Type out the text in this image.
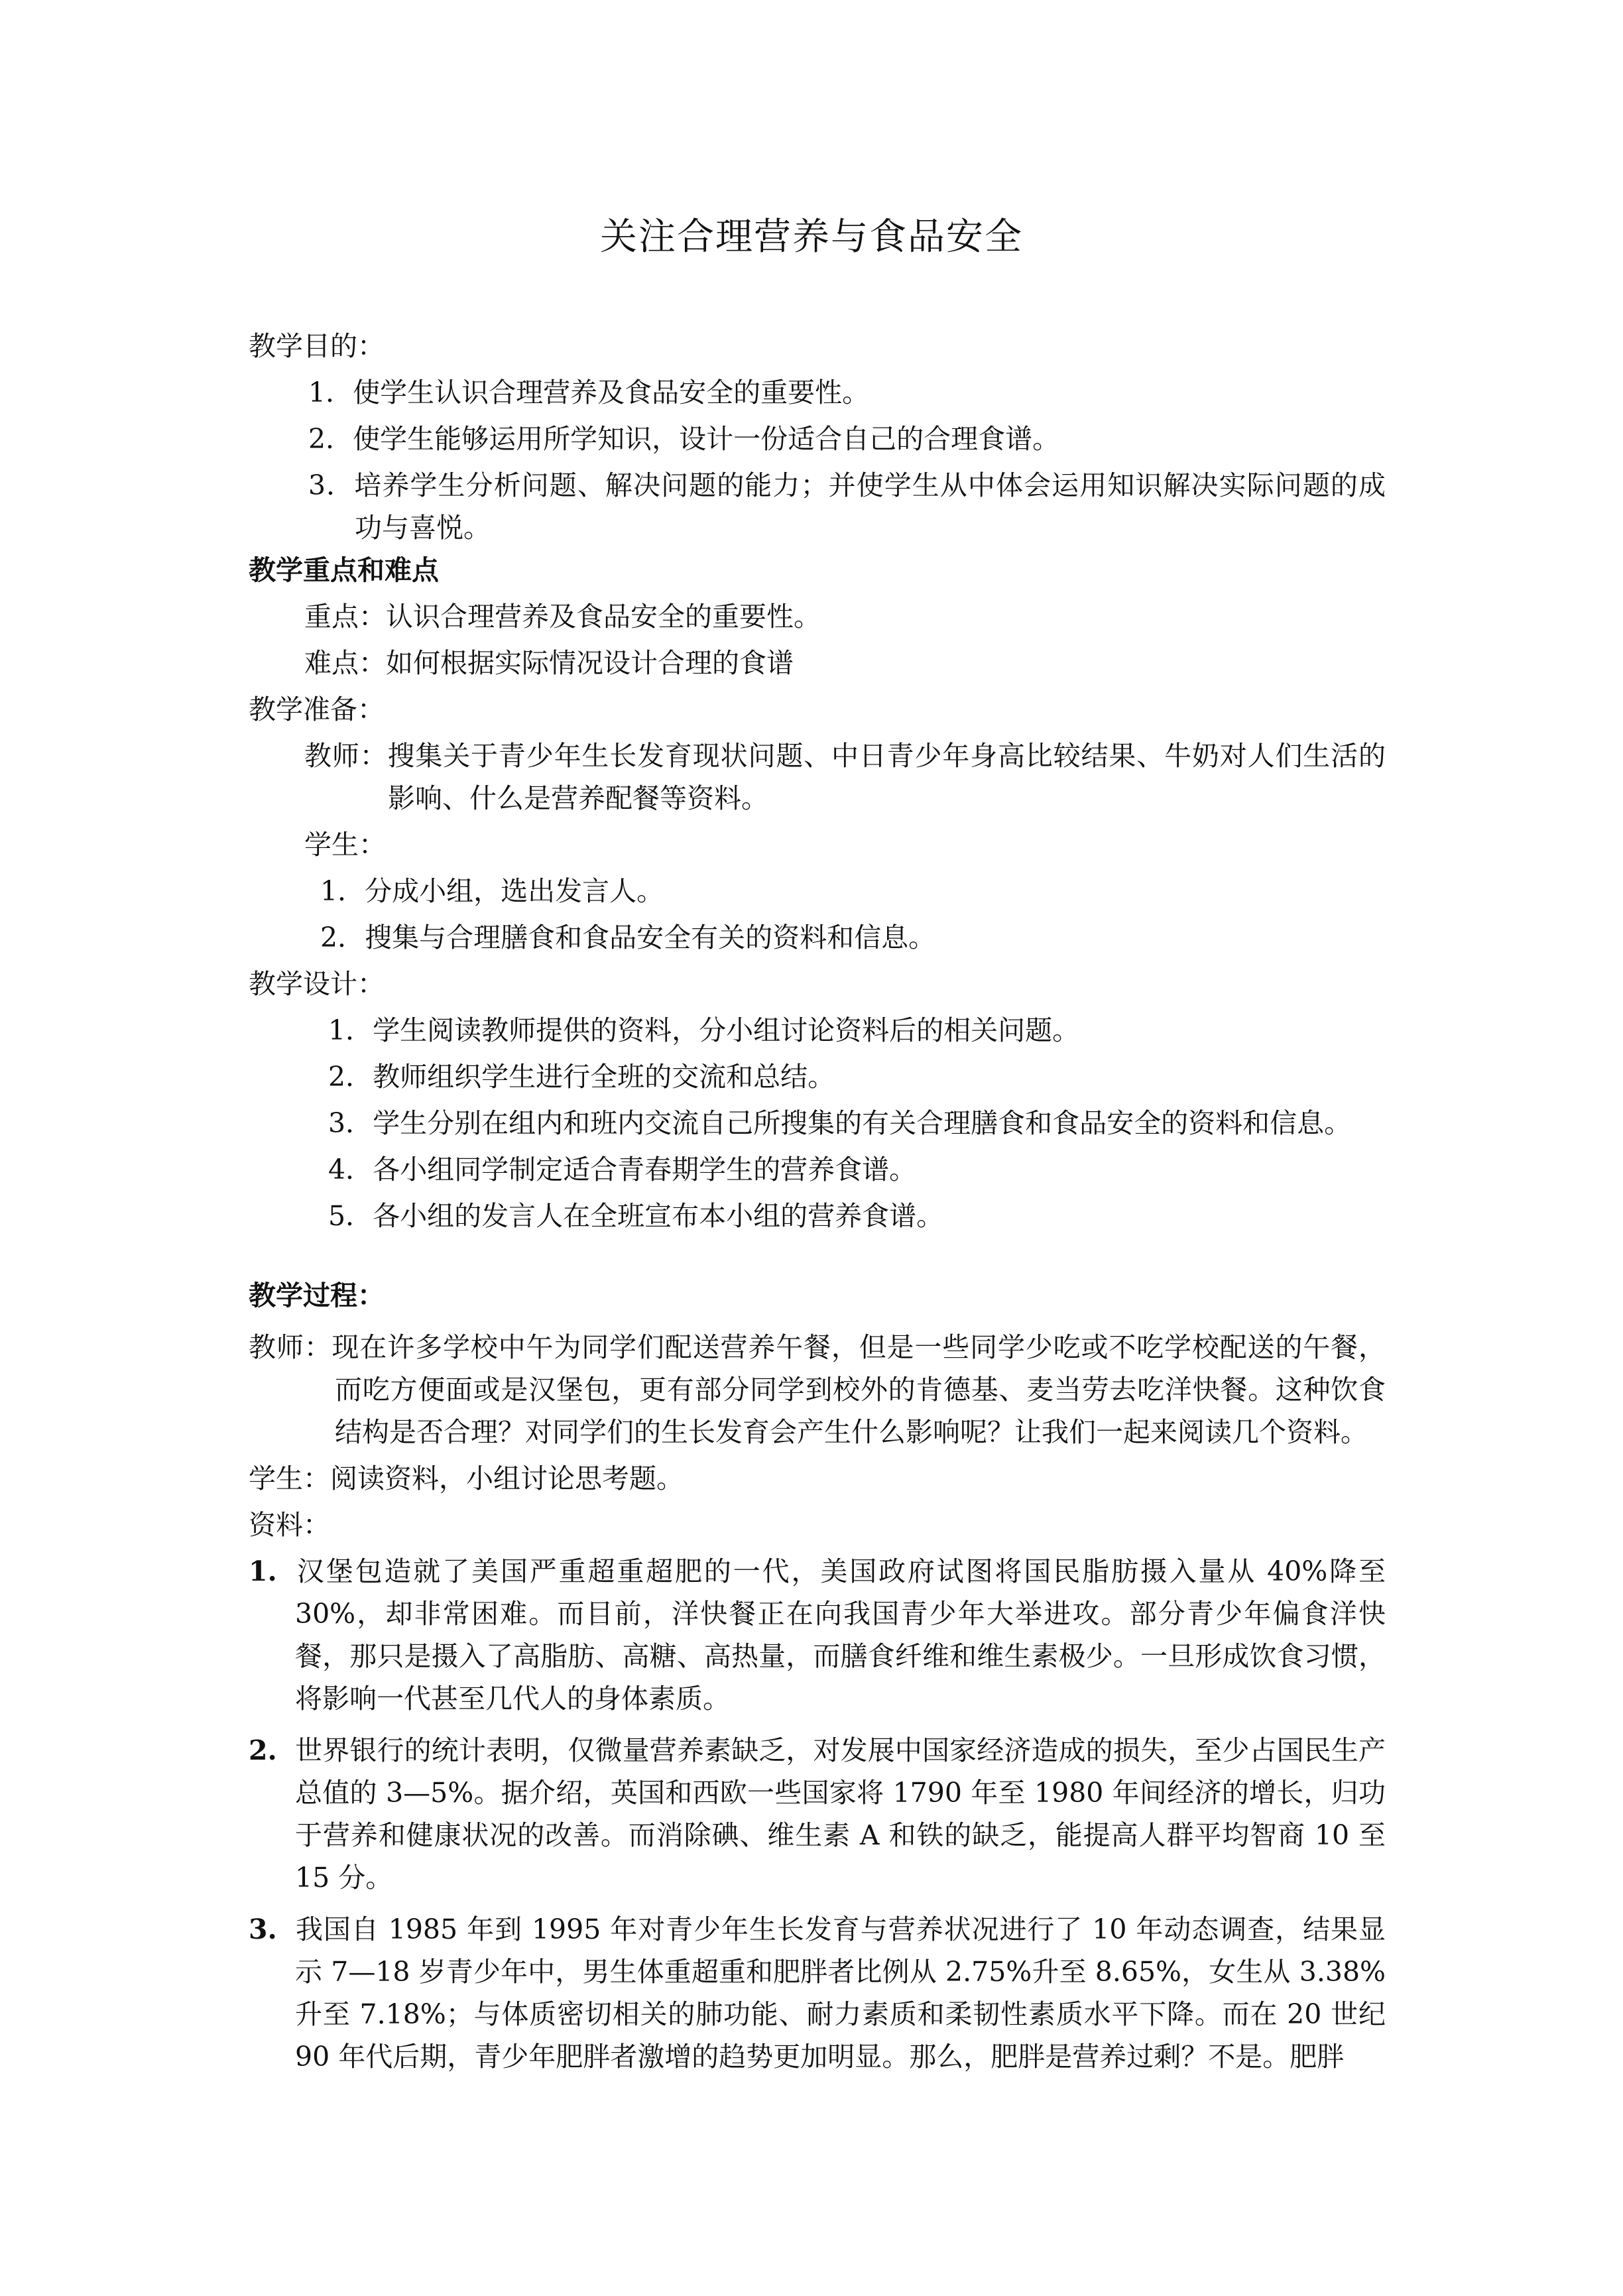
关注合理营养与食品安全

教学目的：

1．使学生认识合理营养及食品安全的重要性。

2．使学生能够运用所学知识，设计一份适合自己的合理食谱。

3．培养学生分析问题、解决问题的能力；并使学生从中体会运用知识解决实际问题的成功与喜悦。

教学重点和难点

重点：认识合理营养及食品安全的重要性。

难点：如何根据实际情况设计合理的食谱

教学准备：

教师：搜集关于青少年生长发育现状问题、中日青少年身高比较结果、牛奶对人们生活的影响、什么是营养配餐等资料。

学生：

1．分成小组，选出发言人。

2．搜集与合理膳食和食品安全有关的资料和信息。

教学设计：

1．学生阅读教师提供的资料，分小组讨论资料后的相关问题。

2．教师组织学生进行全班的交流和总结。

3．学生分别在组内和班内交流自己所搜集的有关合理膳食和食品安全的资料和信息。

4．各小组同学制定适合青春期学生的营养食谱。

5．各小组的发言人在全班宣布本小组的营养食谱。

教学过程：

教师：现在许多学校中午为同学们配送营养午餐，但是一些同学少吃或不吃学校配送的午餐，而吃方便面或是汉堡包，更有部分同学到校外的肯德基、麦当劳去吃洋快餐。这种饮食结构是否合理？对同学们的生长发育会产生什么影响呢？让我们一起来阅读几个资料。

学生：阅读资料，小组讨论思考题。

资料：

1. 汉堡包造就了美国严重超重超肥的一代，美国政府试图将国民脂肪摄入量从 40%降至 30%，却非常困难。而目前，洋快餐正在向我国青少年大举进攻。部分青少年偏食洋快餐，那只是摄入了高脂肪、高糖、高热量，而膳食纤维和维生素极少。一旦形成饮食习惯，将影响一代甚至几代人的身体素质。

2. 世界银行的统计表明，仅微量营养素缺乏，对发展中国家经济造成的损失，至少占国民生产总值的 3—5%。据介绍，英国和西欧一些国家将 1790 年至 1980 年间经济的增长，归功于营养和健康状况的改善。而消除碘、维生素 A 和铁的缺乏，能提高人群平均智商 10 至 15 分。

3. 我国自 1985 年到 1995 年对青少年生长发育与营养状况进行了 10 年动态调查，结果显示 7—18 岁青少年中，男生体重超重和肥胖者比例从 2.75%升至 8.65%，女生从 3.38%升至 7.18%；与体质密切相关的肺功能、耐力素质和柔韧性素质水平下降。而在 20 世纪 90 年代后期，青少年肥胖者激增的趋势更加明显。那么，肥胖是营养过剩？不是。肥胖
